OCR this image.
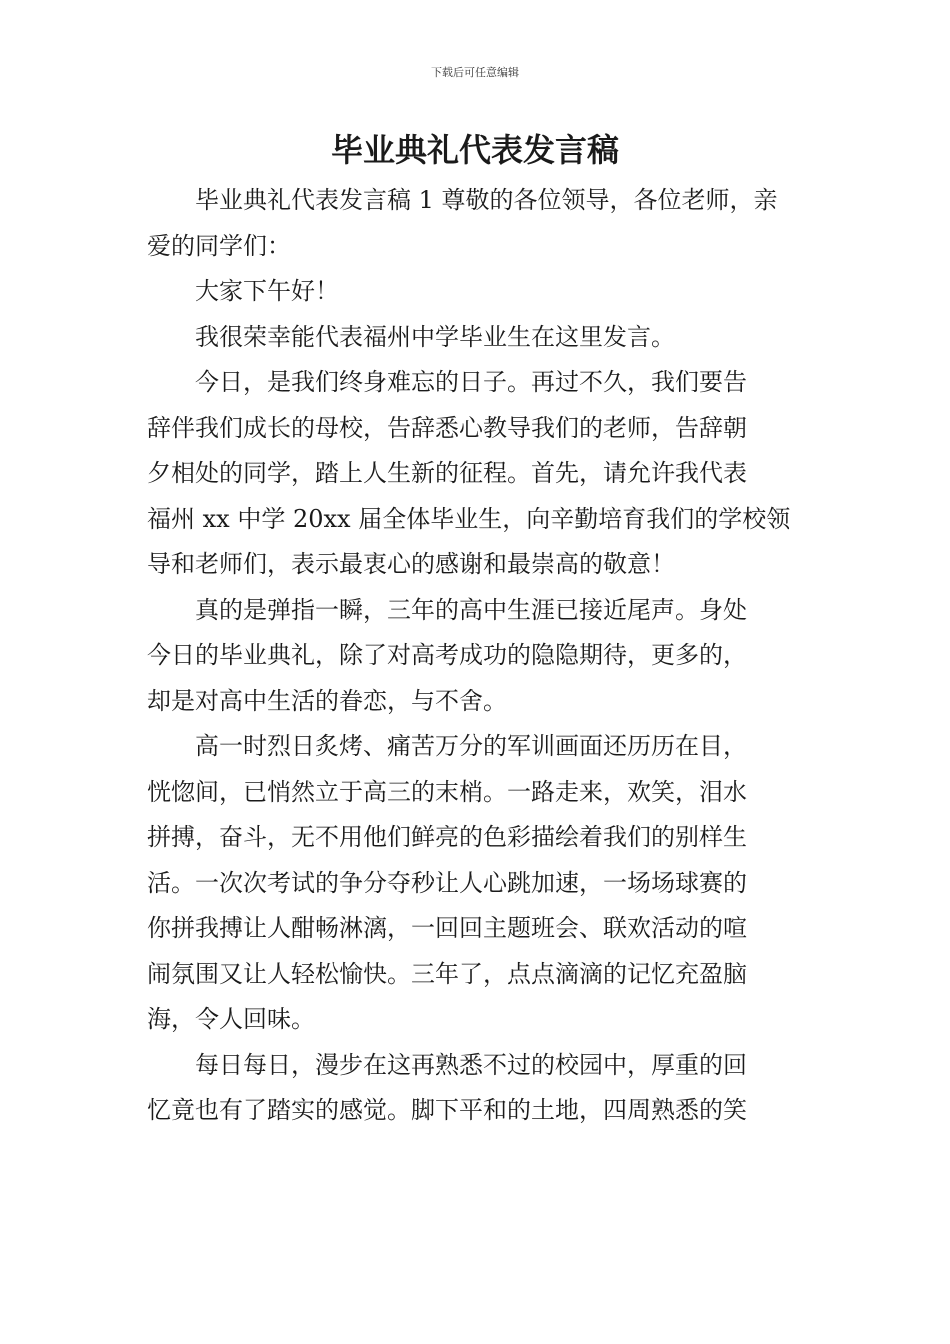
下载后可任意编辑
毕业典礼代表发言稿

毕业典礼代表发言稿 1 尊敬的各位领导，各位老师，亲
爱的同学们：

大家下午好！

我很荣幸能代表福州中学毕业生在这里发言。

今日，是我们终身难忘的日子。再过不久，我们要告
辞伴我们成长的母校，告辞悉心教导我们的老师，告辞朝
夕相处的同学，踏上人生新的征程。首先，请允许我代表
福州 xx 中学 20xx 届全体毕业生，向辛勤培育我们的学校领
导和老师们，表示最衷心的感谢和最崇高的敬意！

真的是弹指一瞬，三年的高中生涯已接近尾声。身处
今日的毕业典礼，除了对高考成功的隐隐期待，更多的，
却是对高中生活的眷恋，与不舍。

高一时烈日炙烤、痛苦万分的军训画面还历历在目，
恍惚间，已悄然立于高三的末梢。一路走来，欢笑，泪水
拼搏，奋斗，无不用他们鲜亮的色彩描绘着我们的别样生
活。一次次考试的争分夺秒让人心跳加速，一场场球赛的
你拼我搏让人酣畅淋漓，一回回主题班会、联欢活动的喧
闹氛围又让人轻松愉快。三年了，点点滴滴的记忆充盈脑
海，令人回味。

每日每日，漫步在这再熟悉不过的校园中，厚重的回
忆竟也有了踏实的感觉。脚下平和的土地，四周熟悉的笑
